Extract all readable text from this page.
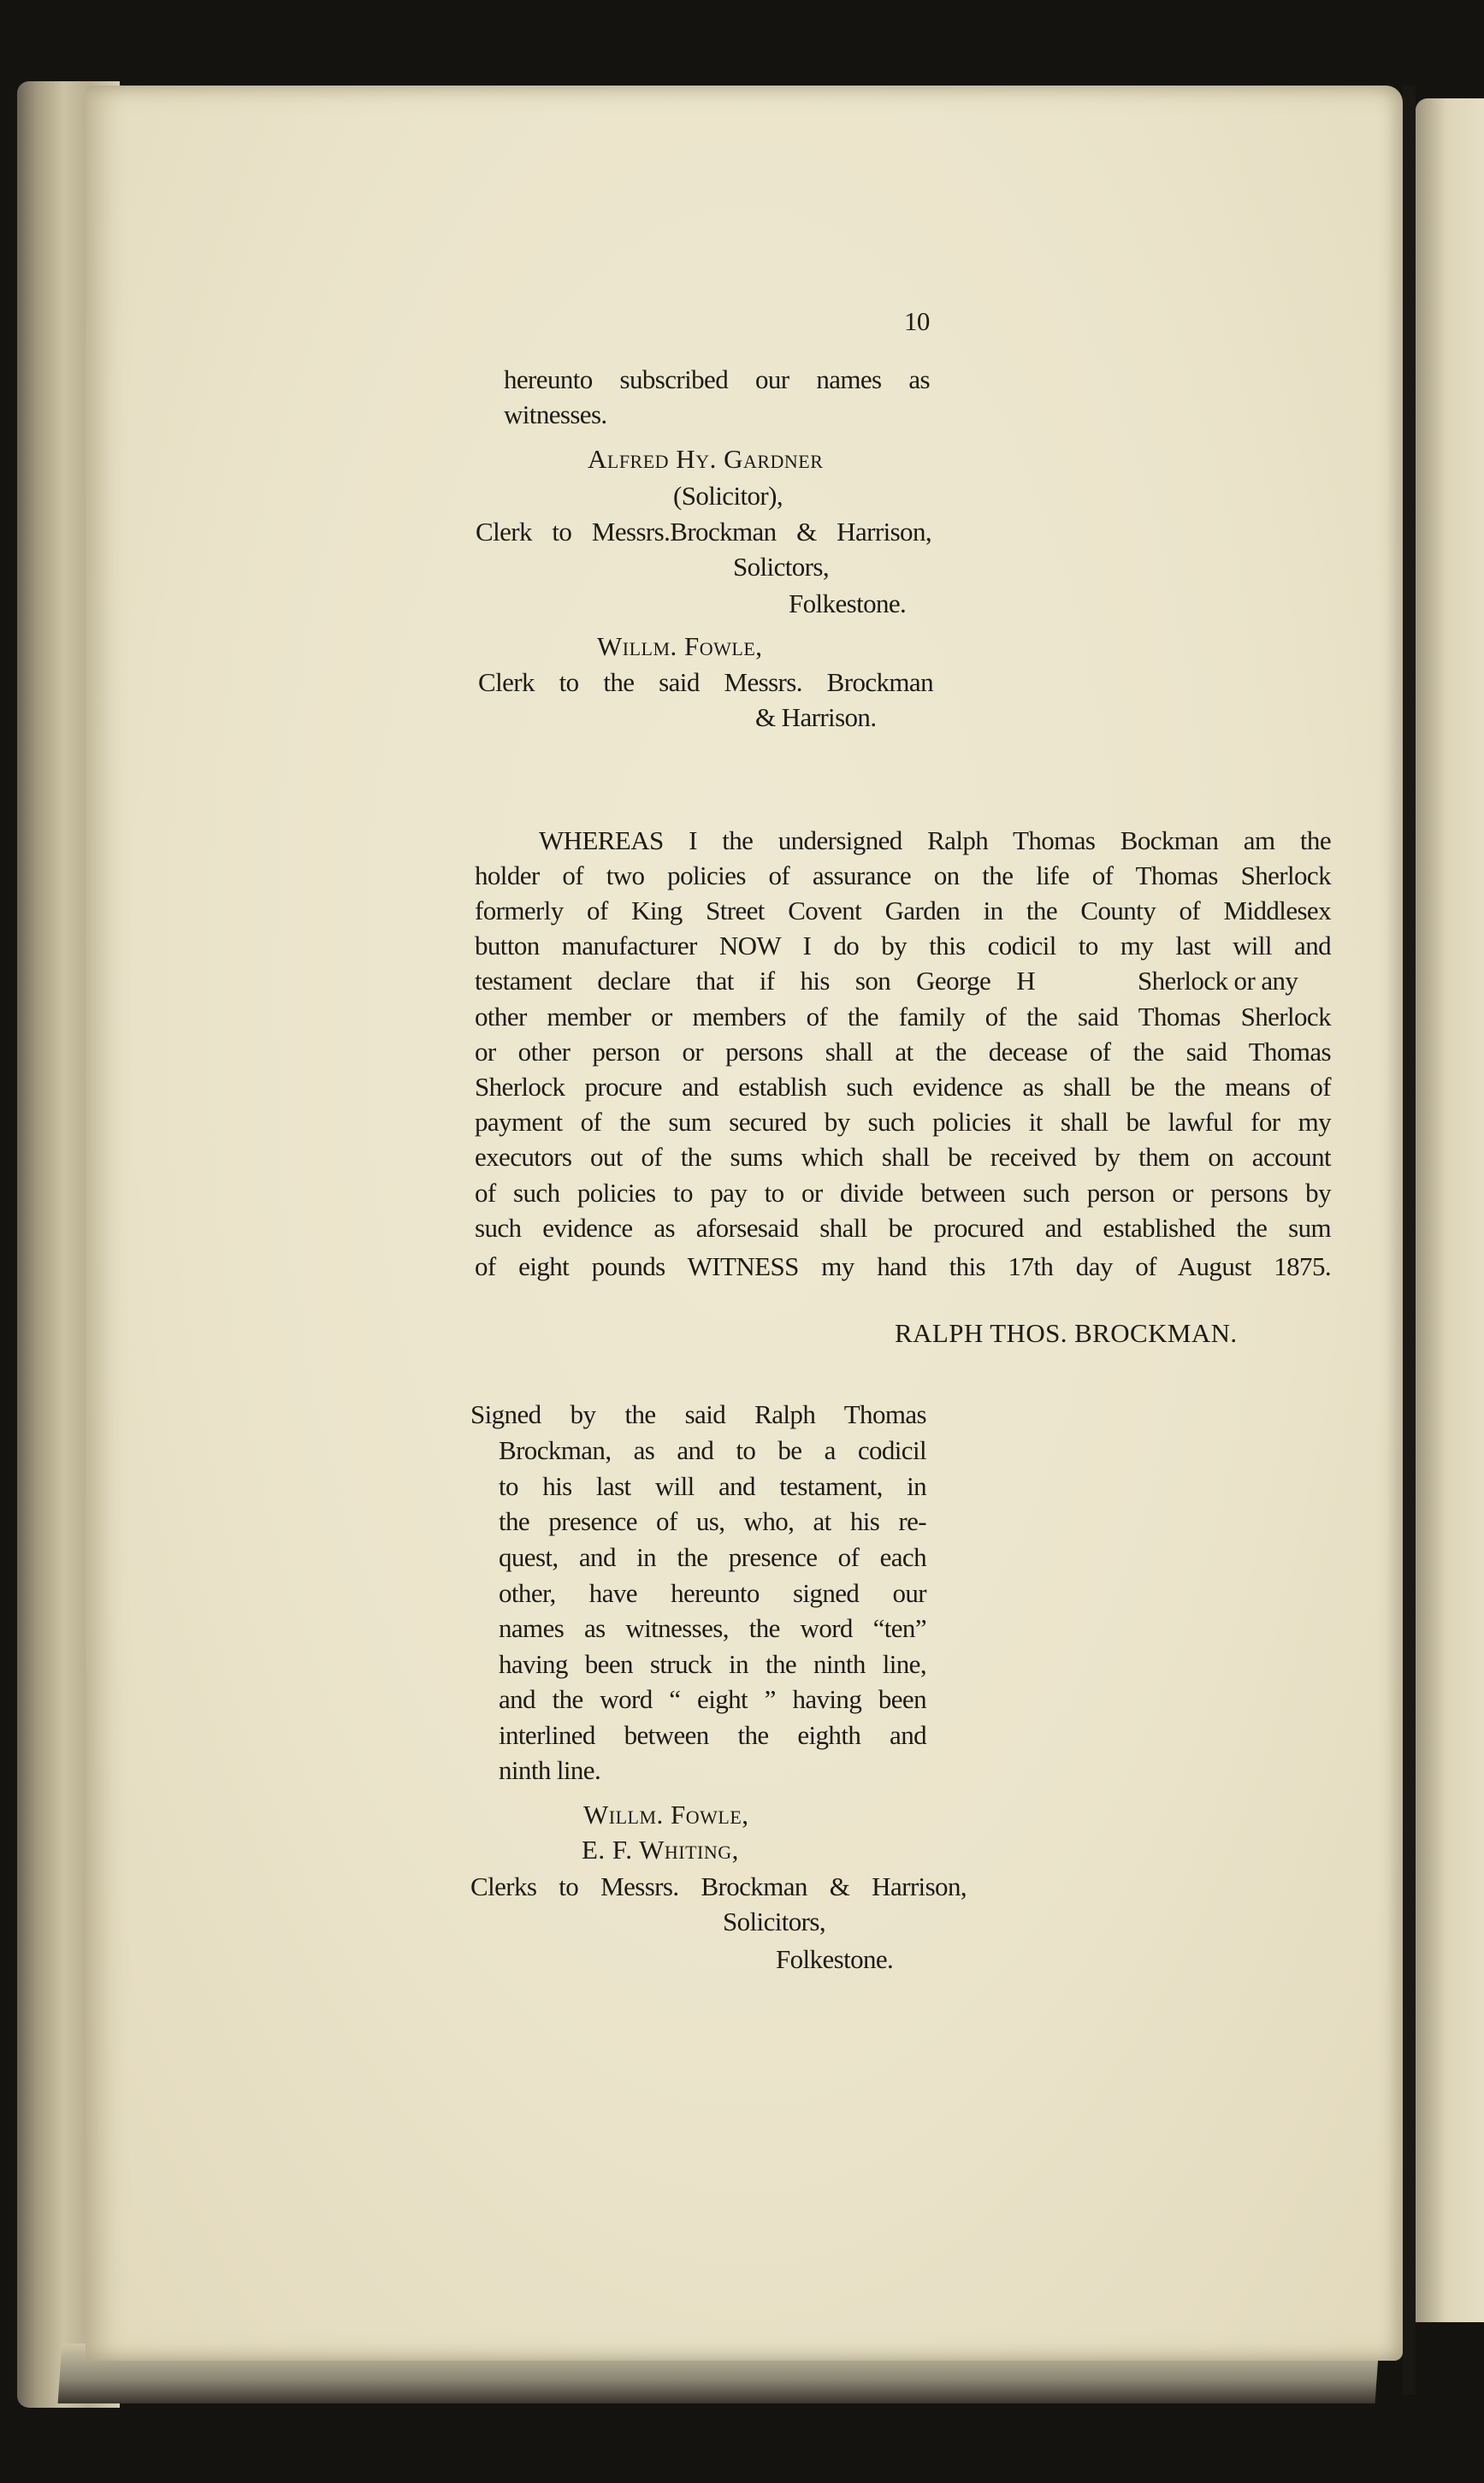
10
hereunto subscribed our names as
witnesses.
Alfred Hy. Gardner
(Solicitor),
Clerk to Messrs.Brockman & Harrison,
Solictors,
Folkestone.
Willm. Fowle,
Clerk to the said Messrs. Brockman
& Harrison.
WHEREAS I the undersigned Ralph Thomas Bockman am the
holder of two policies of assurance on the life of Thomas Sherlock
formerly of King Street Covent Garden in the County of Middlesex
button manufacturer NOW I do by this codicil to my last will and
testament declare that if his son George H	Sherlock or any
other member or members of the family of the said Thomas Sherlock
or other person or persons shall at the decease of the said Thomas
Sherlock procure and establish such evidence as shall be the means of
payment of the sum secured by such policies it shall be lawful for my
executors out of the sums which shall be received by them on account
of such policies to pay to or divide between such person or persons by
such evidence as aforsesaid shall be procured and established the sum
of eight pounds WITNESS my hand this 17th day of August 1875.
RALPH THOS. BROCKMAN.
Signed by the said Ralph Thomas
Brockman, as and to be a codicil
to his last will and testament, in
the presence of us, who, at his re-
quest, and in the presence of each
other, have hereunto signed our
names as witnesses, the word “ten”
having been struck in the ninth line,
and the word “ eight ” having been
interlined between the eighth and
ninth line.
Willm. Fowle,
E. F. Whiting,
Clerks to Messrs. Brockman & Harrison,
Solicitors,
Folkestone.
